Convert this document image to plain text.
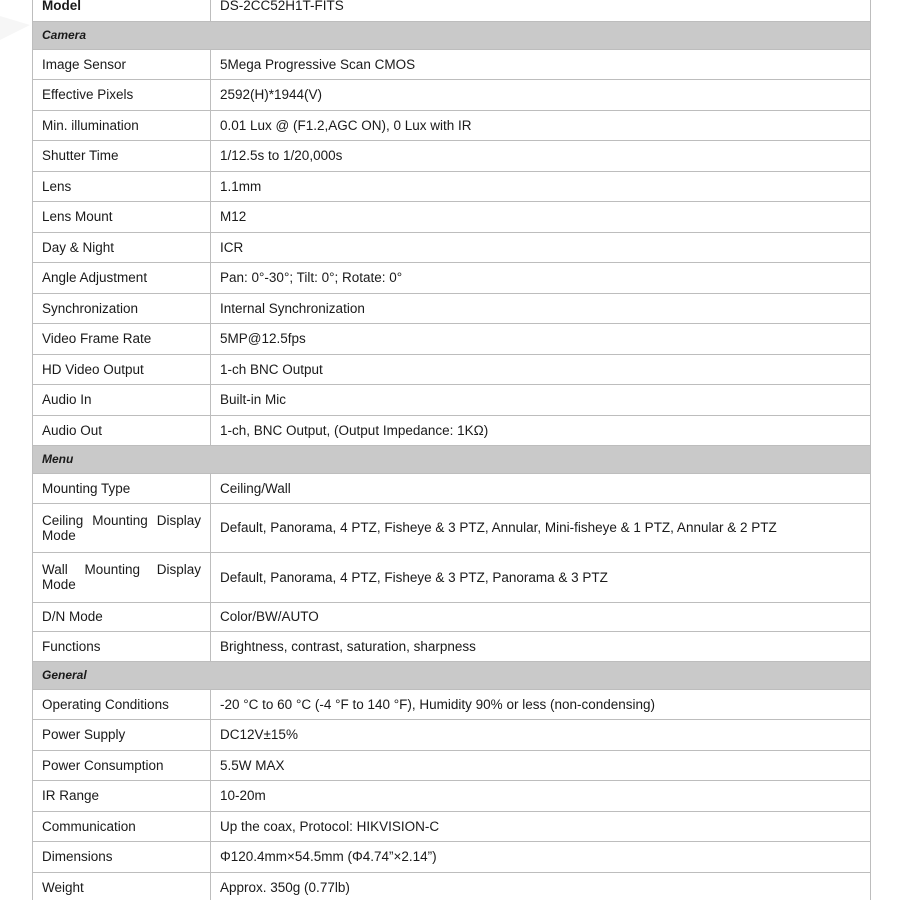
Model	DS-2CC52H1T-FITS
Camera	
Image Sensor	5Mega Progressive Scan CMOS
Effective Pixels	2592(H)*1944(V)
Min. illumination	0.01 Lux @ (F1.2,AGC ON), 0 Lux with IR
Shutter Time	1/12.5s to 1/20,000s
Lens	1.1mm
Lens Mount	M12
Day & Night	ICR
Angle Adjustment	Pan: 0°-30°; Tilt: 0°; Rotate: 0°
Synchronization	Internal Synchronization
Video Frame Rate	5MP@12.5fps
HD Video Output	1-ch BNC Output
Audio In	Built-in Mic
Audio Out	1-ch, BNC Output, (Output Impedance: 1KΩ)
Menu	
Mounting Type	Ceiling/Wall
Ceiling Mounting Display Mode	Default, Panorama, 4 PTZ, Fisheye & 3 PTZ, Annular, Mini-fisheye & 1 PTZ, Annular & 2 PTZ
Wall Mounting Display Mode	Default, Panorama, 4 PTZ, Fisheye & 3 PTZ, Panorama & 3 PTZ
D/N Mode	Color/BW/AUTO
Functions	Brightness, contrast, saturation, sharpness
General	
Operating Conditions	-20 °C to 60 °C (-4 °F to 140 °F), Humidity 90% or less (non-condensing)
Power Supply	DC12V±15%
Power Consumption	5.5W MAX
IR Range	10-20m
Communication	Up the coax, Protocol: HIKVISION-C
Dimensions	Φ120.4mm×54.5mm (Φ4.74”×2.14”)
Weight	Approx. 350g (0.77lb)
